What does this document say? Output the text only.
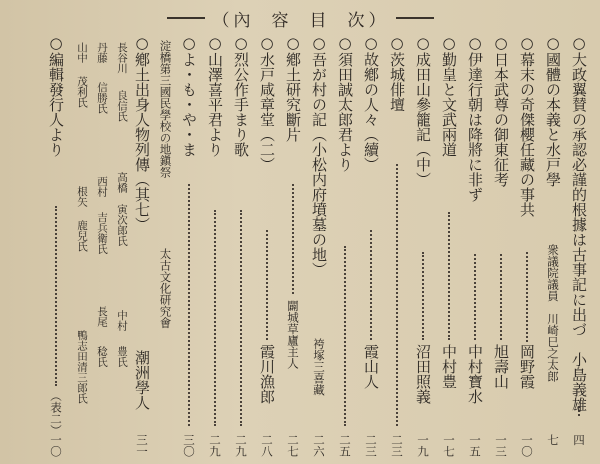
（ 內　容　目　次 ）
○大政翼賛の承認必謹的根據は古事記に出づ
小島義雄
四
○國體の本義と水戸學
衆議院議員　川崎巳之太郎
七
○幕末の奇傑櫻任藏の事共
岡野霞
一〇
○日本武尊の御東征考
旭壽山
一三
○伊達行朝は降將に非ず
中村寶水
一五
○勤皇と文武兩道
中村豊
一七
○成田山參籠記（中）
沼田照義
一九
○茨城俳壇
二三
○故鄕の人々（續）
霞山人
二三
○須田誠太郎君より
二五
○吾が村の記（小松内府墳墓の地）
袴塚三喜藏
二六
○鄕土研究斷片
闢城草廬主人
二七
○水戸咸章堂（二）
霞川漁郎
二八
○烈公作手まり歌
二九
○山澤喜平君より
二九
○よ・も・や・ま
三〇
淀橋第三國民學校の地鎭祭
太古文化研究會
○鄕土出身人物列傳（其七）
潮洲學人
三一
長谷川
良信氏
高橋
寅次郎氏
中村
豊氏
西村
吉兵衛氏
丹藤
信勝氏
長尾
稔氏
鴨志田清三郎氏
根矢
鹿兒氏
山中
茂利氏
○編輯發行人より
（表二）
一〇
